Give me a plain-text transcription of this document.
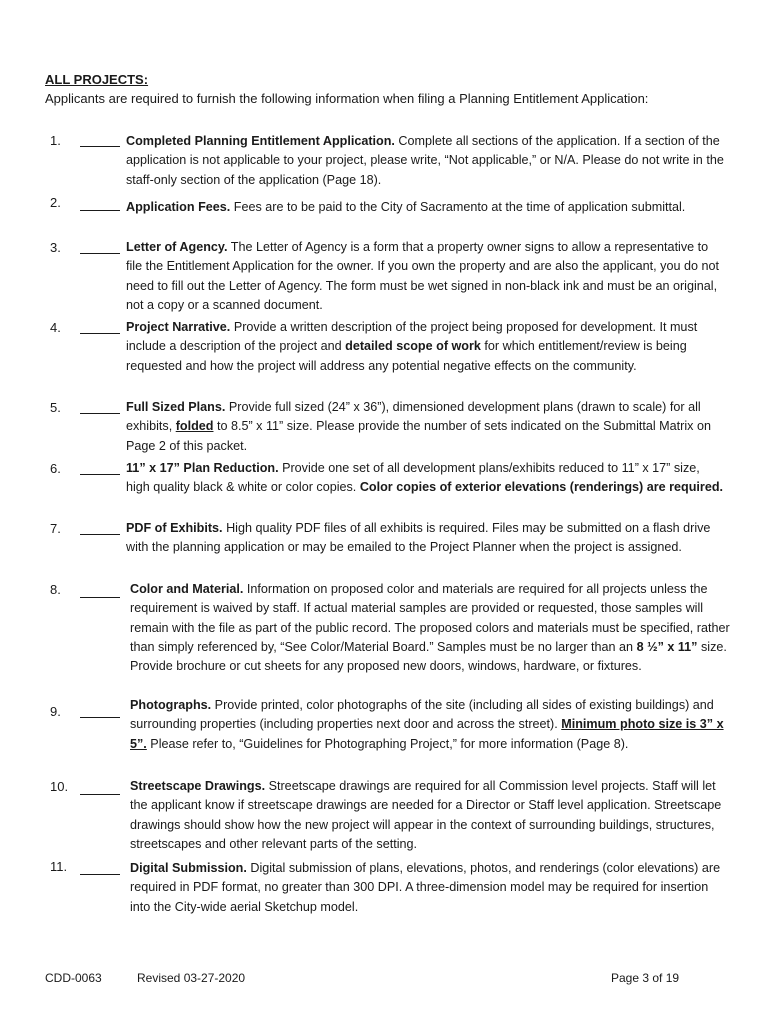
ALL PROJECTS:
Applicants are required to furnish the following information when filing a Planning Entitlement Application:
1.	Completed Planning Entitlement Application. Complete all sections of the application. If a section of the application is not applicable to your project, please write, “Not applicable,” or N/A. Please do not write in the staff-only section of the application (Page 18).
2.	Application Fees. Fees are to be paid to the City of Sacramento at the time of application submittal.
3.	Letter of Agency. The Letter of Agency is a form that a property owner signs to allow a representative to file the Entitlement Application for the owner. If you own the property and are also the applicant, you do not need to fill out the Letter of Agency. The form must be wet signed in non-black ink and must be an original, not a copy or a scanned document.
4.	Project Narrative. Provide a written description of the project being proposed for development. It must include a description of the project and detailed scope of work for which entitlement/review is being requested and how the project will address any potential negative effects on the community.
5.	Full Sized Plans. Provide full sized (24” x 36”), dimensioned development plans (drawn to scale) for all exhibits, folded to 8.5” x 11” size. Please provide the number of sets indicated on the Submittal Matrix on Page 2 of this packet.
6.	11” x 17” Plan Reduction. Provide one set of all development plans/exhibits reduced to 11” x 17” size, high quality black & white or color copies. Color copies of exterior elevations (renderings) are required.
7.	PDF of Exhibits. High quality PDF files of all exhibits is required. Files may be submitted on a flash drive with the planning application or may be emailed to the Project Planner when the project is assigned.
8.	Color and Material. Information on proposed color and materials are required for all projects unless the requirement is waived by staff. If actual material samples are provided or requested, those samples will remain with the file as part of the public record. The proposed colors and materials must be specified, rather than simply referenced by, “See Color/Material Board.” Samples must be no larger than an 8 ½” x 11” size. Provide brochure or cut sheets for any proposed new doors, windows, hardware, or fixtures.
9.	Photographs. Provide printed, color photographs of the site (including all sides of existing buildings) and surrounding properties (including properties next door and across the street). Minimum photo size is 3” x 5”. Please refer to, “Guidelines for Photographing Project,” for more information (Page 8).
10.	Streetscape Drawings. Streetscape drawings are required for all Commission level projects. Staff will let the applicant know if streetscape drawings are needed for a Director or Staff level application. Streetscape drawings should show how the new project will appear in the context of surrounding buildings, structures, streetscapes and other relevant parts of the setting.
11.	Digital Submission. Digital submission of plans, elevations, photos, and renderings (color elevations) are required in PDF format, no greater than 300 DPI. A three-dimension model may be required for insertion into the City-wide aerial Sketchup model.
CDD-0063	Revised 03-27-2020	Page 3 of 19
